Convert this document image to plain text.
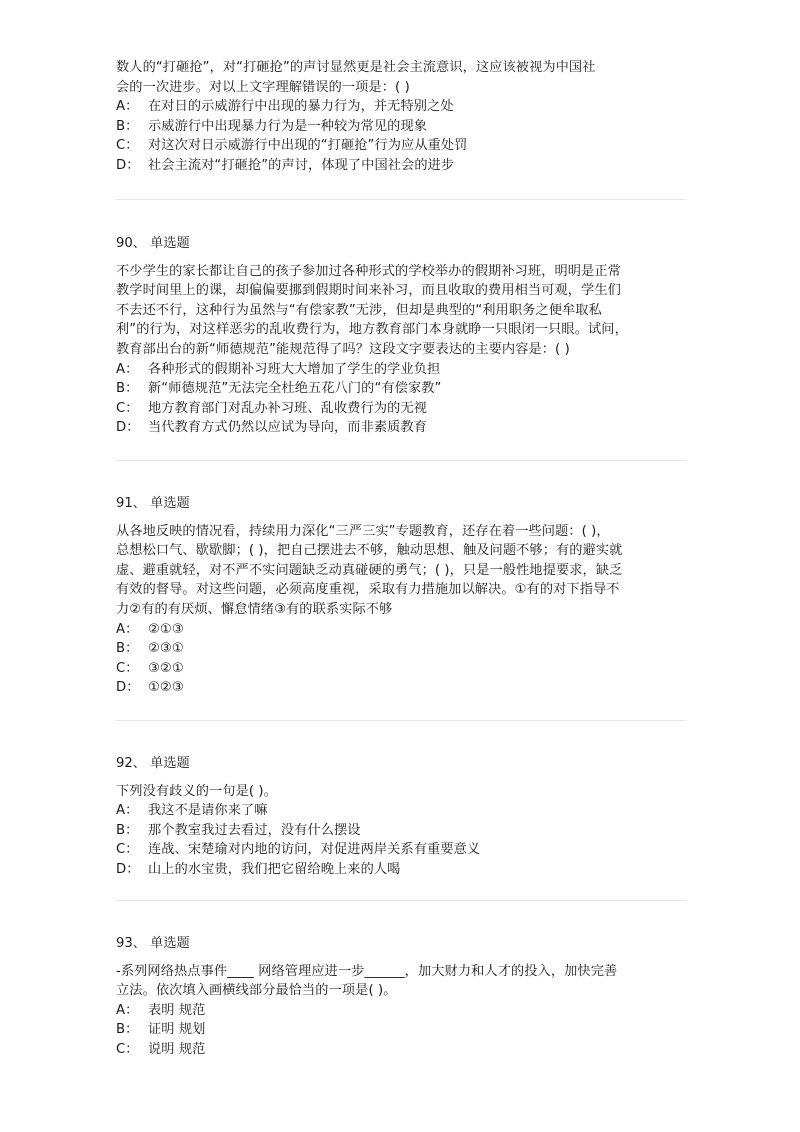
数人的“打砸抢”，对“打砸抢”的声讨显然更是社会主流意识，这应该被视为中国社
会的一次进步。对以上文字理解错误的一项是：( )
A： 在对日的示威游行中出现的暴力行为，并无特别之处
B： 示威游行中出现暴力行为是一种较为常见的现象
C： 对这次对日示威游行中出现的“打砸抢”行为应从重处罚
D： 社会主流对“打砸抢”的声讨，体现了中国社会的进步
90、 单选题
不少学生的家长都让自己的孩子参加过各种形式的学校举办的假期补习班，明明是正常
教学时间里上的课，却偏偏要挪到假期时间来补习，而且收取的费用相当可观，学生们
不去还不行，这种行为虽然与“有偿家教”无涉，但却是典型的“利用职务之便牟取私
利”的行为，对这样恶劣的乱收费行为，地方教育部门本身就睁一只眼闭一只眼。试问，
教育部出台的新“师德规范”能规范得了吗？这段文字要表达的主要内容是：( )
A： 各种形式的假期补习班大大增加了学生的学业负担
B： 新“师德规范”无法完全杜绝五花八门的“有偿家教”
C： 地方教育部门对乱办补习班、乱收费行为的无视
D： 当代教育方式仍然以应试为导向，而非素质教育
91、 单选题
从各地反映的情况看，持续用力深化“三严三实”专题教育，还存在着一些问题：( )，
总想松口气、歇歇脚；( )，把自己摆进去不够，触动思想、触及问题不够；有的避实就
虚、避重就轻，对不严不实问题缺乏动真碰硬的勇气；( )，只是一般性地提要求，缺乏
有效的督导。对这些问题，必须高度重视，采取有力措施加以解决。①有的对下指导不
力②有的有厌烦、懈怠情绪③有的联系实际不够
A： ②①③
B： ②③①
C： ③②①
D： ①②③
92、 单选题
下列没有歧义的一句是( )。
A： 我这不是请你来了嘛
B： 那个教室我过去看过，没有什么摆设
C： 连战、宋楚瑜对内地的访问，对促进两岸关系有重要意义
D： 山上的水宝贵，我们把它留给晚上来的人喝
93、 单选题
-系列网络热点事件____ 网络管理应进一步______，加大财力和人才的投入，加快完善
立法。依次填入画横线部分最恰当的一项是( )。
A： 表明 规范
B： 证明 规划
C： 说明 规范
